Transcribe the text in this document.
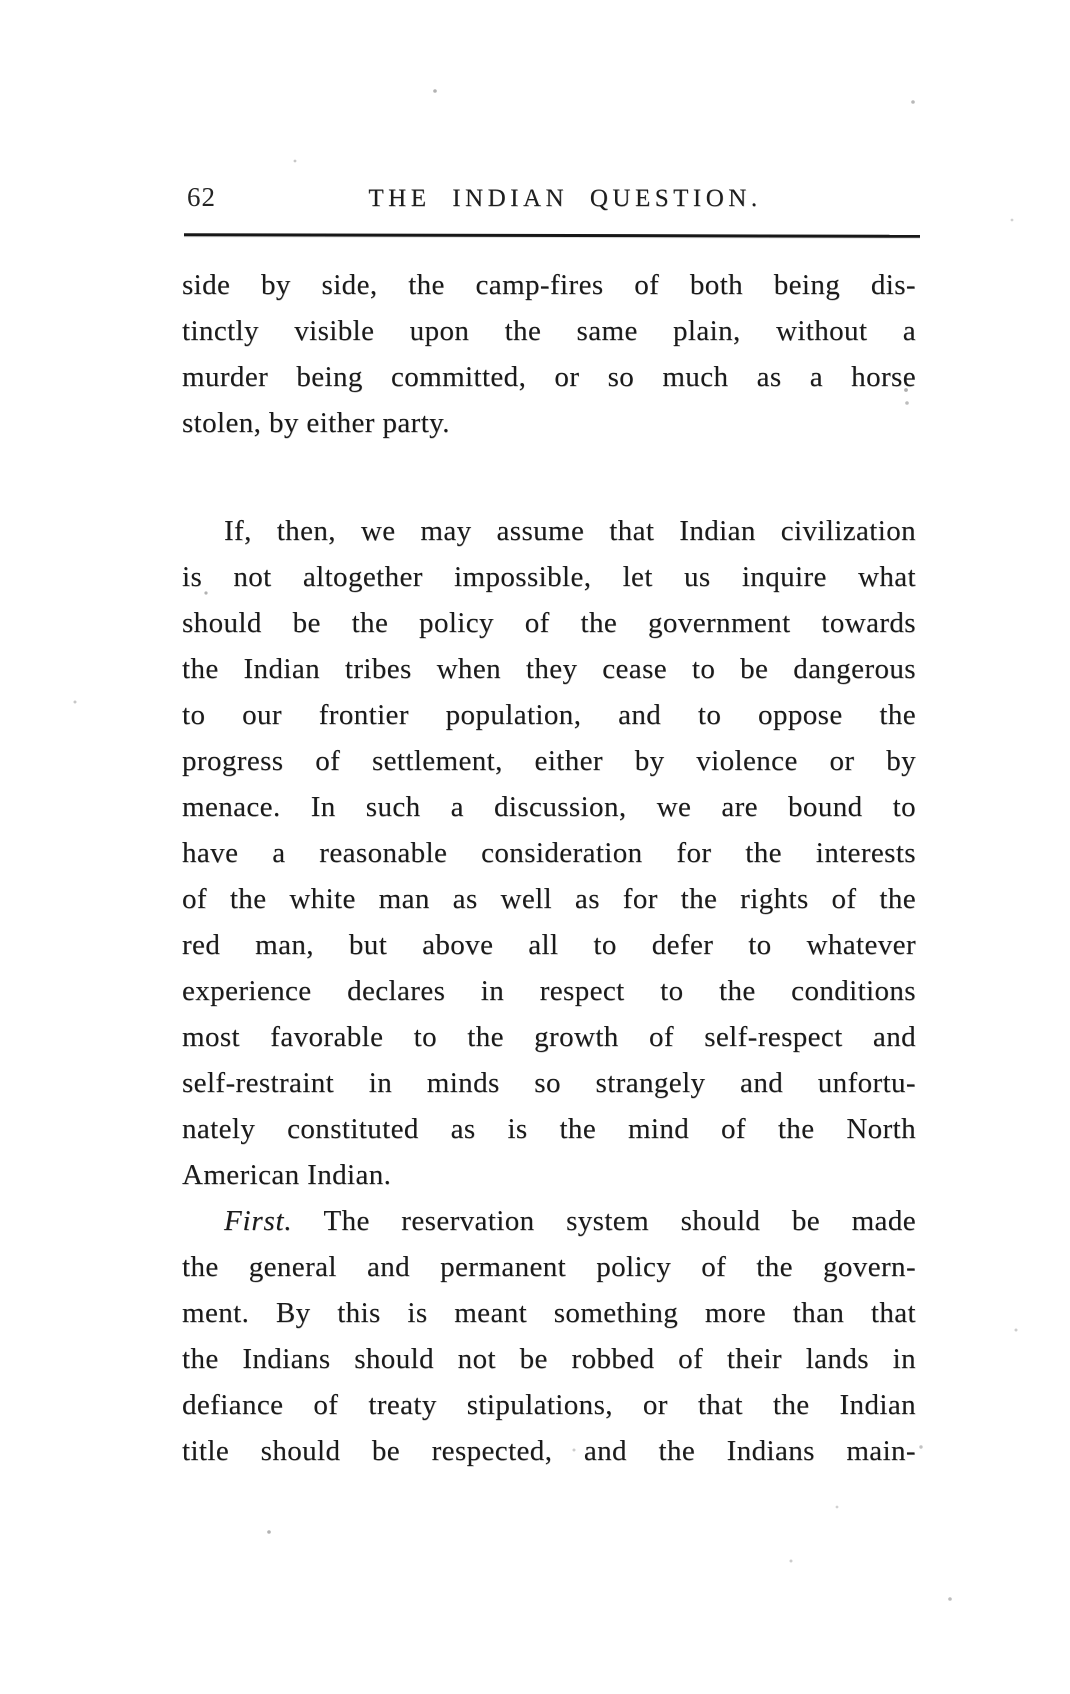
62	THE INDIAN QUESTION.
side by side, the camp-fires of both being dis-
tinctly visible upon the same plain, without a
murder being committed, or so much as a horse
stolen, by either party.
If, then, we may assume that Indian civilization
is not altogether impossible, let us inquire what
should be the policy of the government towards
the Indian tribes when they cease to be dangerous
to our frontier population, and to oppose the
progress of settlement, either by violence or by
menace. In such a discussion, we are bound to
have a reasonable consideration for the interests
of the white man as well as for the rights of the
red man, but above all to defer to whatever
experience declares in respect to the conditions
most favorable to the growth of self-respect and
self-restraint in minds so strangely and unfortu-
nately constituted as is the mind of the North
American Indian.
First. The reservation system should be made
the general and permanent policy of the govern-
ment. By this is meant something more than that
the Indians should not be robbed of their lands in
defiance of treaty stipulations, or that the Indian
title should be respected, and the Indians main-
